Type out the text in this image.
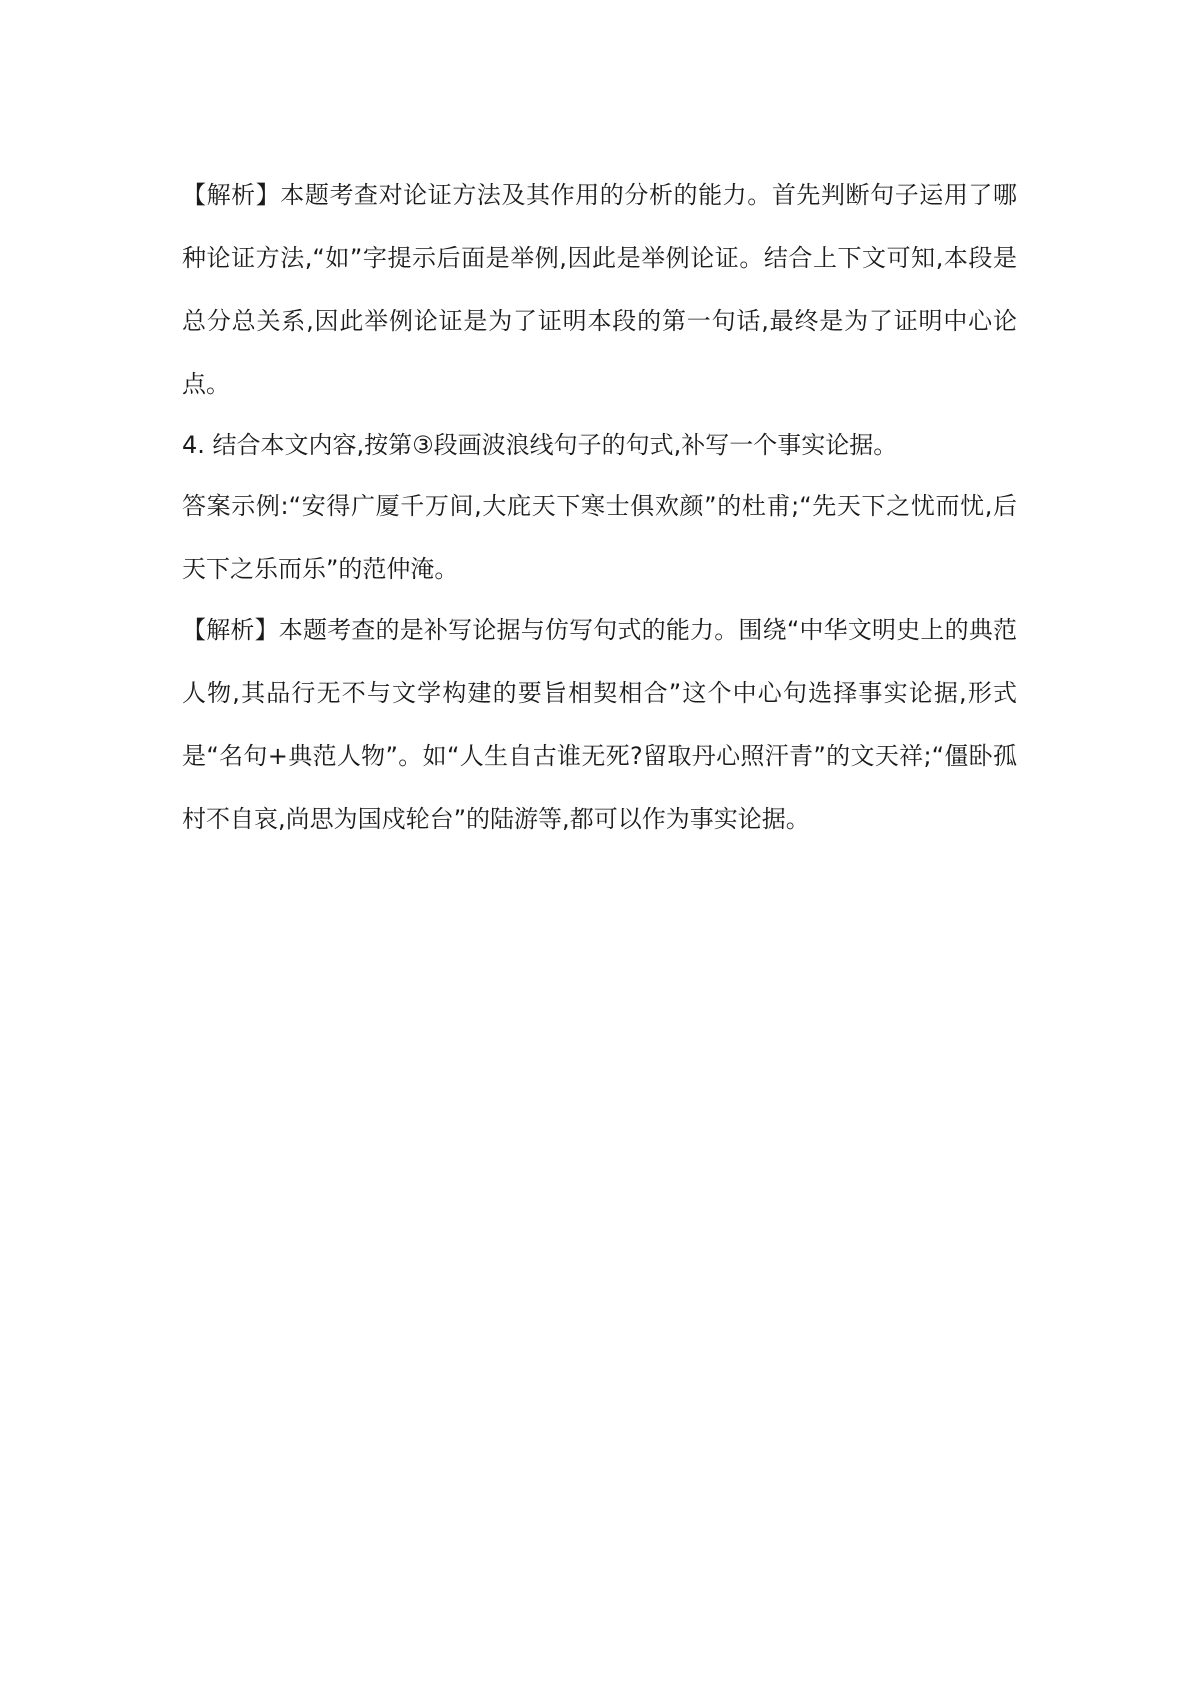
【解析】本题考查对论证方法及其作用的分析的能力。首先判断句子运用了哪种论证方法,“如”字提示后面是举例,因此是举例论证。结合上下文可知,本段是总分总关系,因此举例论证是为了证明本段的第一句话,最终是为了证明中心论点。

4. 结合本文内容,按第③段画波浪线句子的句式,补写一个事实论据。

答案示例:“安得广厦千万间,大庇天下寒士俱欢颜”的杜甫;“先天下之忧而忧,后天下之乐而乐”的范仲淹。

【解析】本题考查的是补写论据与仿写句式的能力。围绕“中华文明史上的典范人物,其品行无不与文学构建的要旨相契相合”这个中心句选择事实论据,形式是“名句+典范人物”。如“人生自古谁无死?留取丹心照汗青”的文天祥;“僵卧孤村不自哀,尚思为国戍轮台”的陆游等,都可以作为事实论据。
